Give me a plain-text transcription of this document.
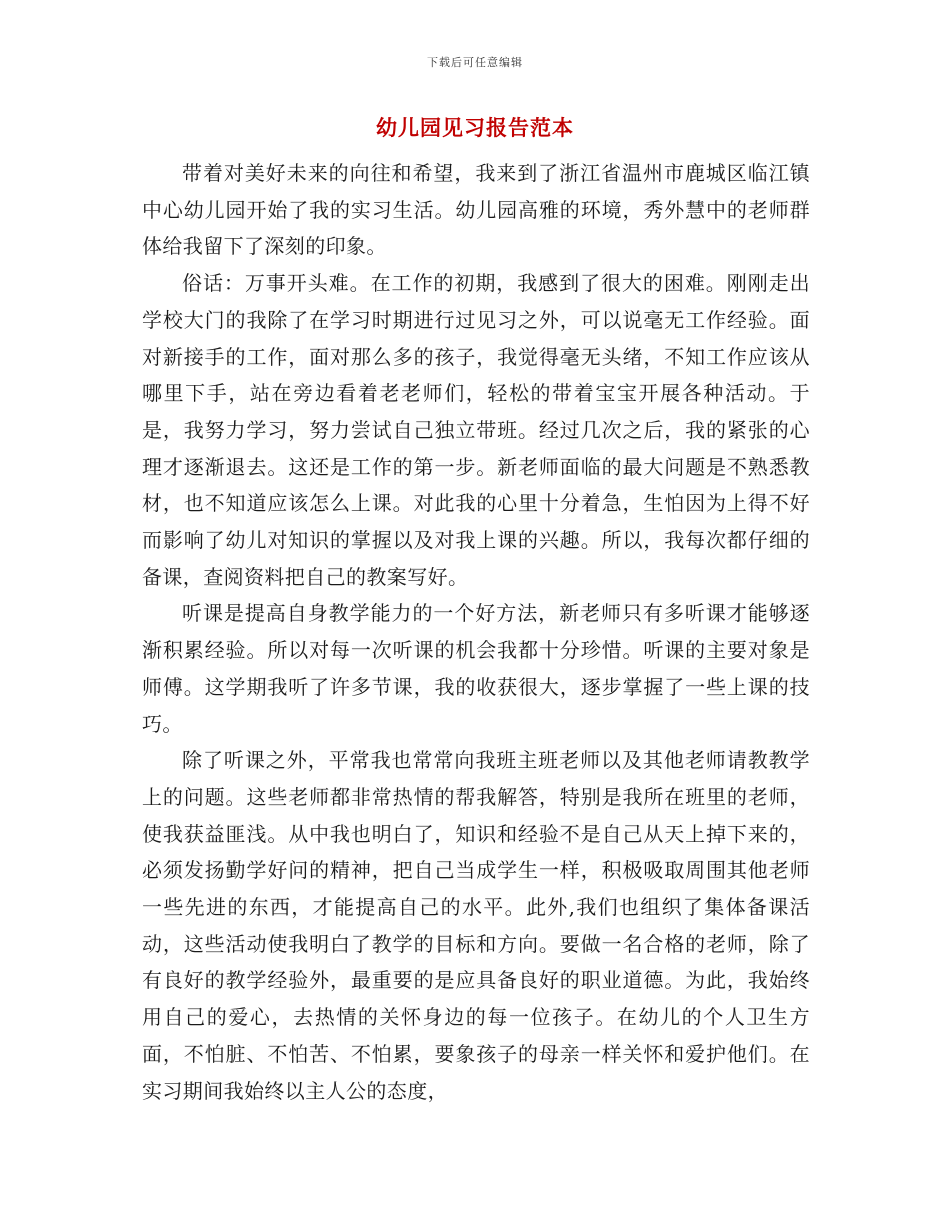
下载后可任意编辑
幼儿园见习报告范本

带着对美好未来的向往和希望，我来到了浙江省温州市鹿城区临江镇中心幼儿园开始了我的实习生活。幼儿园高雅的环境，秀外慧中的老师群体给我留下了深刻的印象。

俗话：万事开头难。在工作的初期，我感到了很大的困难。刚刚走出学校大门的我除了在学习时期进行过见习之外，可以说毫无工作经验。面对新接手的工作，面对那么多的孩子，我觉得毫无头绪，不知工作应该从哪里下手，站在旁边看着老老师们，轻松的带着宝宝开展各种活动。于是，我努力学习，努力尝试自己独立带班。经过几次之后，我的紧张的心理才逐渐退去。这还是工作的第一步。新老师面临的最大问题是不熟悉教材，也不知道应该怎么上课。对此我的心里十分着急，生怕因为上得不好而影响了幼儿对知识的掌握以及对我上课的兴趣。所以，我每次都仔细的备课，查阅资料把自己的教案写好。

听课是提高自身教学能力的一个好方法，新老师只有多听课才能够逐渐积累经验。所以对每一次听课的机会我都十分珍惜。听课的主要对象是师傅。这学期我听了许多节课，我的收获很大，逐步掌握了一些上课的技巧。

除了听课之外，平常我也常常向我班主班老师以及其他老师请教教学上的问题。这些老师都非常热情的帮我解答，特别是我所在班里的老师，使我获益匪浅。从中我也明白了，知识和经验不是自己从天上掉下来的，必须发扬勤学好问的精神，把自己当成学生一样，积极吸取周围其他老师一些先进的东西，才能提高自己的水平。此外,我们也组织了集体备课活动，这些活动使我明白了教学的目标和方向。要做一名合格的老师，除了有良好的教学经验外，最重要的是应具备良好的职业道德。为此，我始终用自己的爱心，去热情的关怀身边的每一位孩子。在幼儿的个人卫生方面，不怕脏、不怕苦、不怕累，要象孩子的母亲一样关怀和爱护他们。在实习期间我始终以主人公的态度，
